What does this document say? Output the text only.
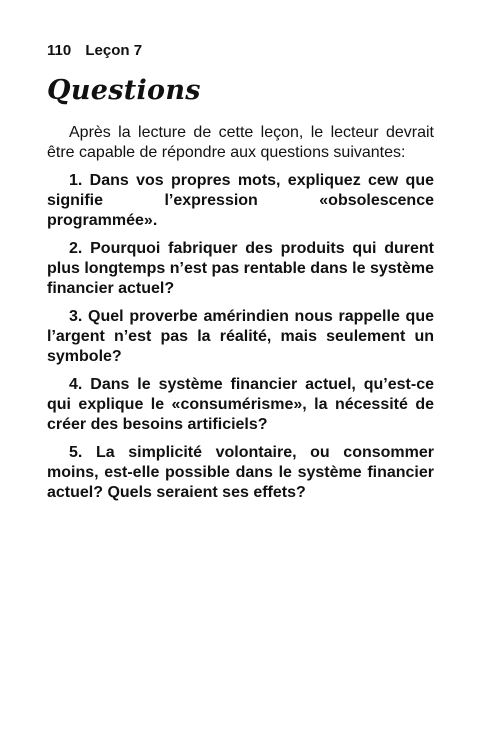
110 Leçon 7
Questions

Après la lecture de cette leçon, le lecteur devrait être capable de répondre aux questions suivantes:

1. Dans vos propres mots, expliquez cew que signifie l’expression «obsolescence programmée».

2. Pourquoi fabriquer des produits qui durent plus longtemps n’est pas rentable dans le système financier actuel?

3. Quel proverbe amérindien nous rappelle que l’argent n’est pas la réalité, mais seulement un symbole?

4. Dans le système financier actuel, qu’est-ce qui explique le «consumérisme», la nécessité de créer des besoins artificiels?

5. La simplicité volontaire, ou consommer moins, est-elle possible dans le système financier actuel? Quels seraient ses effets?
